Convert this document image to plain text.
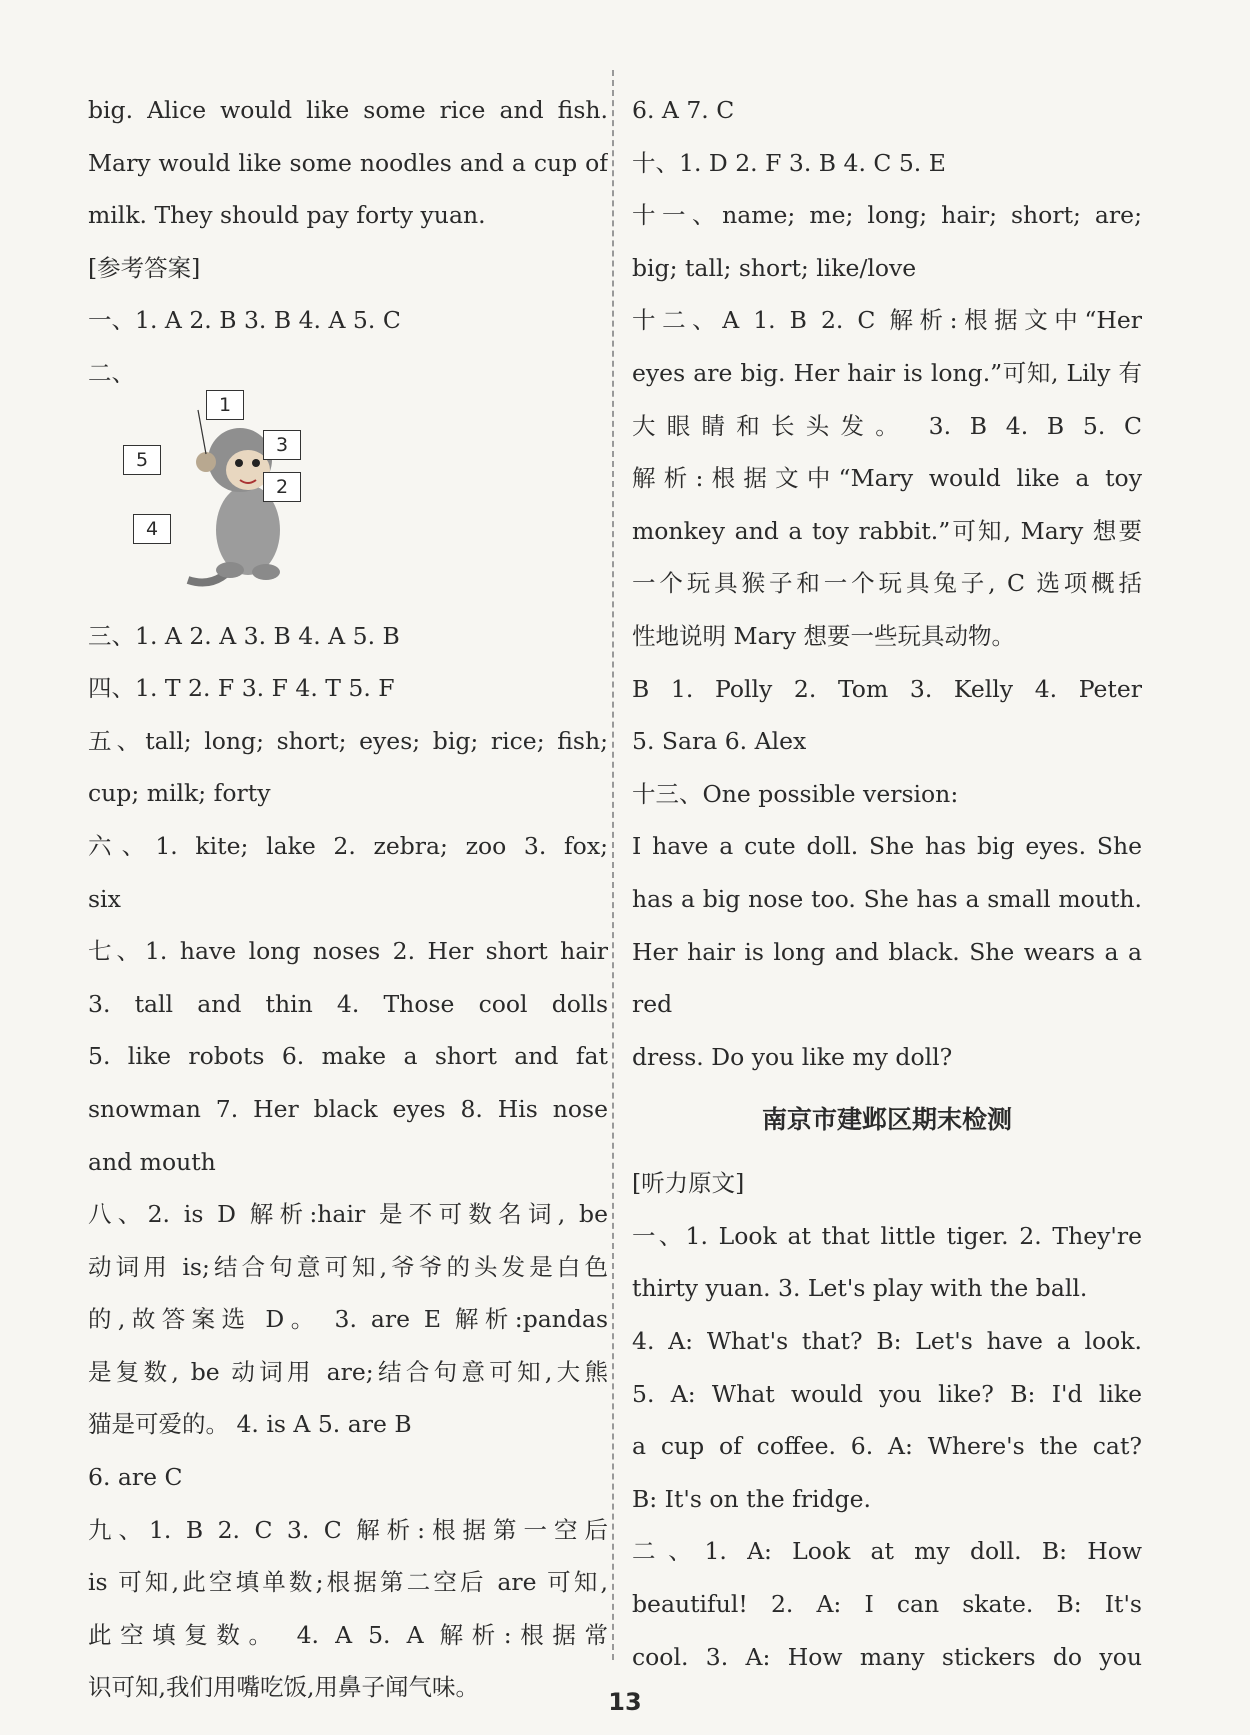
big. Alice would like some rice and fish.
Mary would like some noodles and a cup of
milk. They should pay forty yuan.
[参考答案]
一、1. A 2. B 3. B 4. A 5. C
二、
1
2
3
4
5
三、1. A 2. A 3. B 4. A 5. B
四、1. T 2. F 3. F 4. T 5. F
五、tall; long; short; eyes; big; rice; fish;
cup; milk; forty
六、1. kite; lake 2. zebra; zoo 3. fox;
six
七、1. have long noses 2. Her short hair
3. tall and thin 4. Those cool dolls
5. like robots 6. make a short and fat
snowman 7. Her black eyes 8. His nose
and mouth
八、2. is D 解析:hair 是不可数名词, be
动词用 is;结合句意可知,爷爷的头发是白色
的,故答案选 D。 3. are E 解析:pandas
是复数, be 动词用 are;结合句意可知,大熊
猫是可爱的。 4. is A 5. are B
6. are C
九、1. B 2. C 3. C 解析:根据第一空后
is 可知,此空填单数;根据第二空后 are 可知,
此空填复数。 4. A 5. A 解析:根据常
识可知,我们用嘴吃饭,用鼻子闻气味。
6. A 7. C
十、1. D 2. F 3. B 4. C 5. E
十一、name; me; long; hair; short; are;
big; tall; short; like/love
十二、A 1. B 2. C 解析:根据文中“Her
eyes are big. Her hair is long.”可知, Lily 有
大眼睛和长头发。 3. B 4. B 5. C
解析:根据文中“Mary would like a toy
monkey and a toy rabbit.”可知, Mary 想要
一个玩具猴子和一个玩具兔子, C 选项概括
性地说明 Mary 想要一些玩具动物。
B 1. Polly 2. Tom 3. Kelly 4. Peter
5. Sara 6. Alex
十三、One possible version:
I have a cute doll. She has big eyes. She
has a big nose too. She has a small mouth.
Her hair is long and black. She wears a a red
dress. Do you like my doll?
南京市建邺区期末检测
[听力原文]
一、1. Look at that little tiger. 2. They're
thirty yuan. 3. Let's play with the ball.
4. A: What's that? B: Let's have a look.
5. A: What would you like? B: I'd like
a cup of coffee. 6. A: Where's the cat?
B: It's on the fridge.
二、1. A: Look at my doll. B: How
beautiful! 2. A: I can skate. B: It's
cool. 3. A: How many stickers do you
13
